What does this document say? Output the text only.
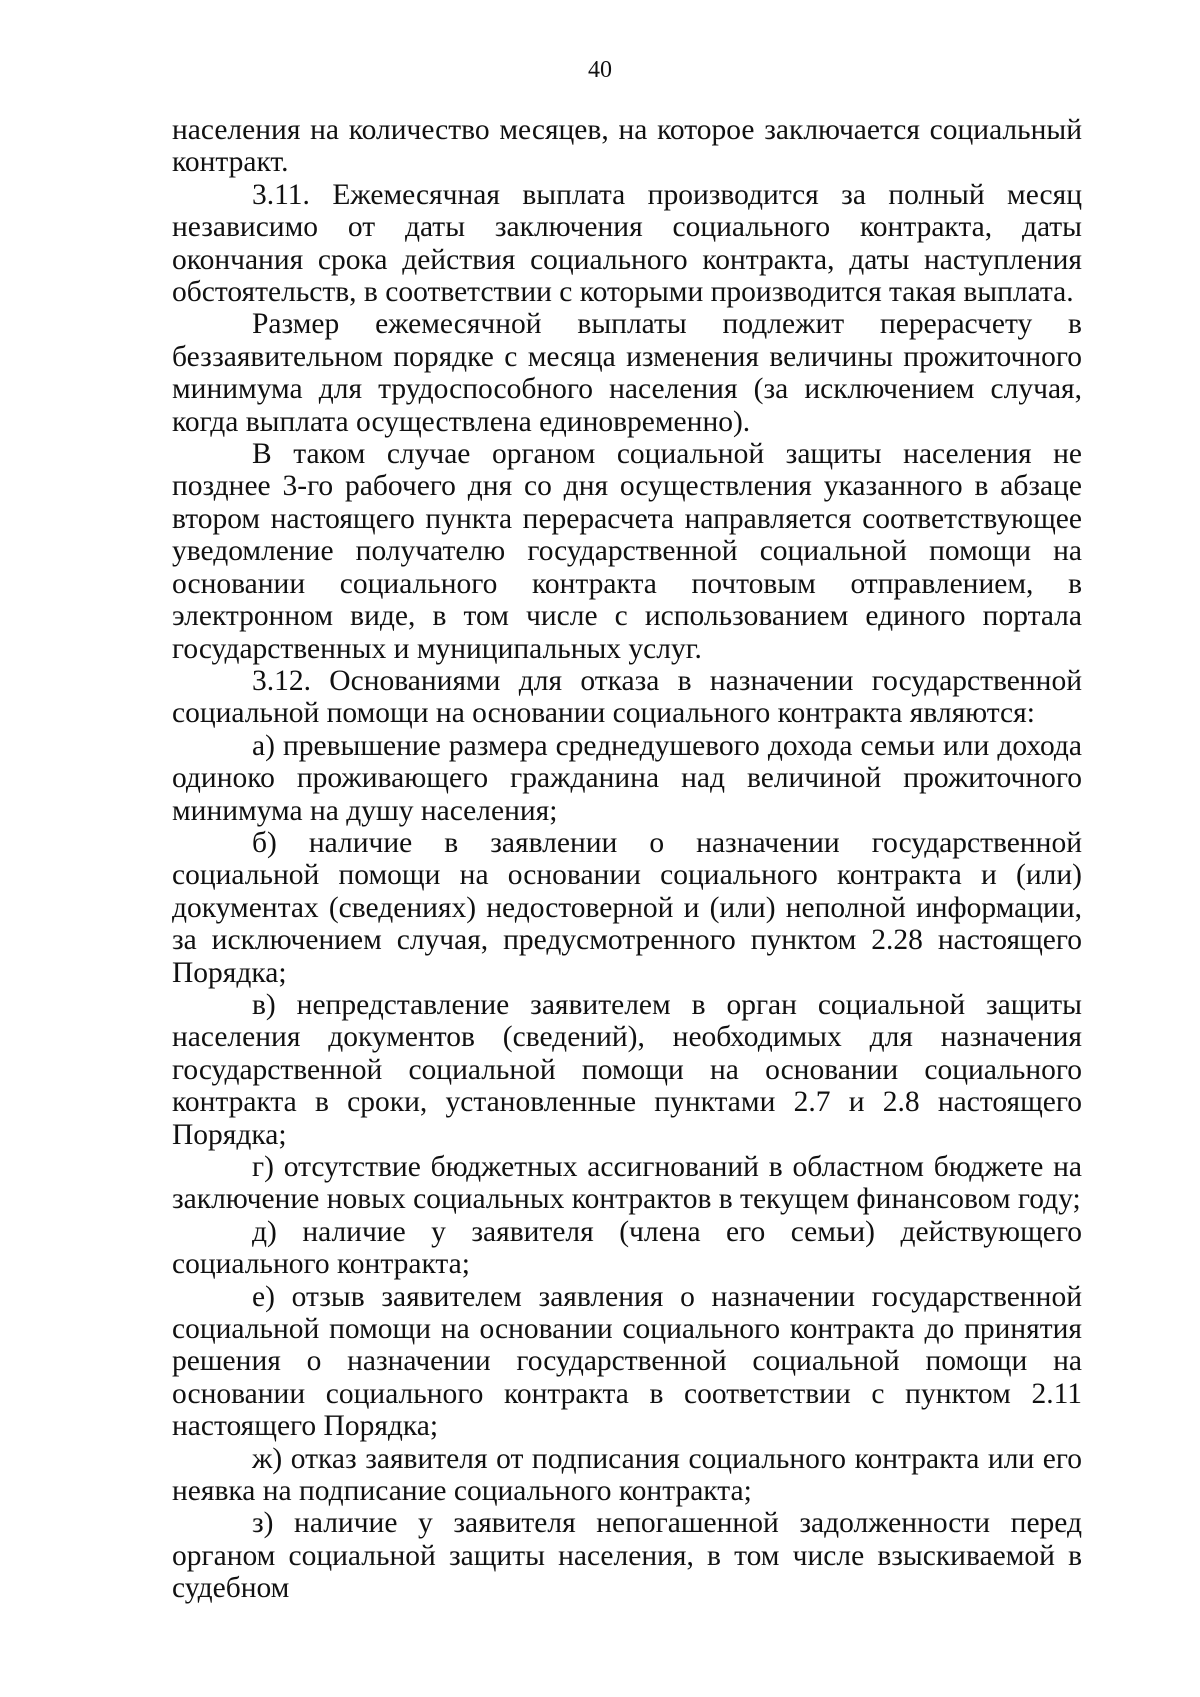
40

населения на количество месяцев, на которое заключается социальный контракт.

3.11. Ежемесячная выплата производится за полный месяц независимо от даты заключения социального контракта, даты окончания срока действия социального контракта, даты наступления обстоятельств, в соответствии с которыми производится такая выплата.

Размер ежемесячной выплаты подлежит перерасчету в беззаявительном порядке с месяца изменения величины прожиточного минимума для трудоспособного населения (за исключением случая, когда выплата осуществлена единовременно).

В таком случае органом социальной защиты населения не позднее 3-го рабочего дня со дня осуществления указанного в абзаце втором настоящего пункта перерасчета направляется соответствующее уведомление получателю государственной социальной помощи на основании социального контракта почтовым отправлением, в электронном виде, в том числе с использованием единого портала государственных и муниципальных услуг.

3.12. Основаниями для отказа в назначении государственной социальной помощи на основании социального контракта являются:

а) превышение размера среднедушевого дохода семьи или дохода одиноко проживающего гражданина над величиной прожиточного минимума на душу населения;

б) наличие в заявлении о назначении государственной социальной помощи на основании социального контракта и (или) документах (сведениях) недостоверной и (или) неполной информации, за исключением случая, предусмотренного пунктом 2.28 настоящего Порядка;

в) непредставление заявителем в орган социальной защиты населения документов (сведений), необходимых для назначения государственной социальной помощи на основании социального контракта в сроки, установленные пунктами 2.7 и 2.8 настоящего Порядка;

г) отсутствие бюджетных ассигнований в областном бюджете на заключение новых социальных контрактов в текущем финансовом году;

д) наличие у заявителя (члена его семьи) действующего социального контракта;

е) отзыв заявителем заявления о назначении государственной социальной помощи на основании социального контракта до принятия решения о назначении государственной социальной помощи на основании социального контракта в соответствии с пунктом 2.11 настоящего Порядка;

ж) отказ заявителя от подписания социального контракта или его неявка на подписание социального контракта;

з) наличие у заявителя непогашенной задолженности перед органом социальной защиты населения, в том числе взыскиваемой в судебном
